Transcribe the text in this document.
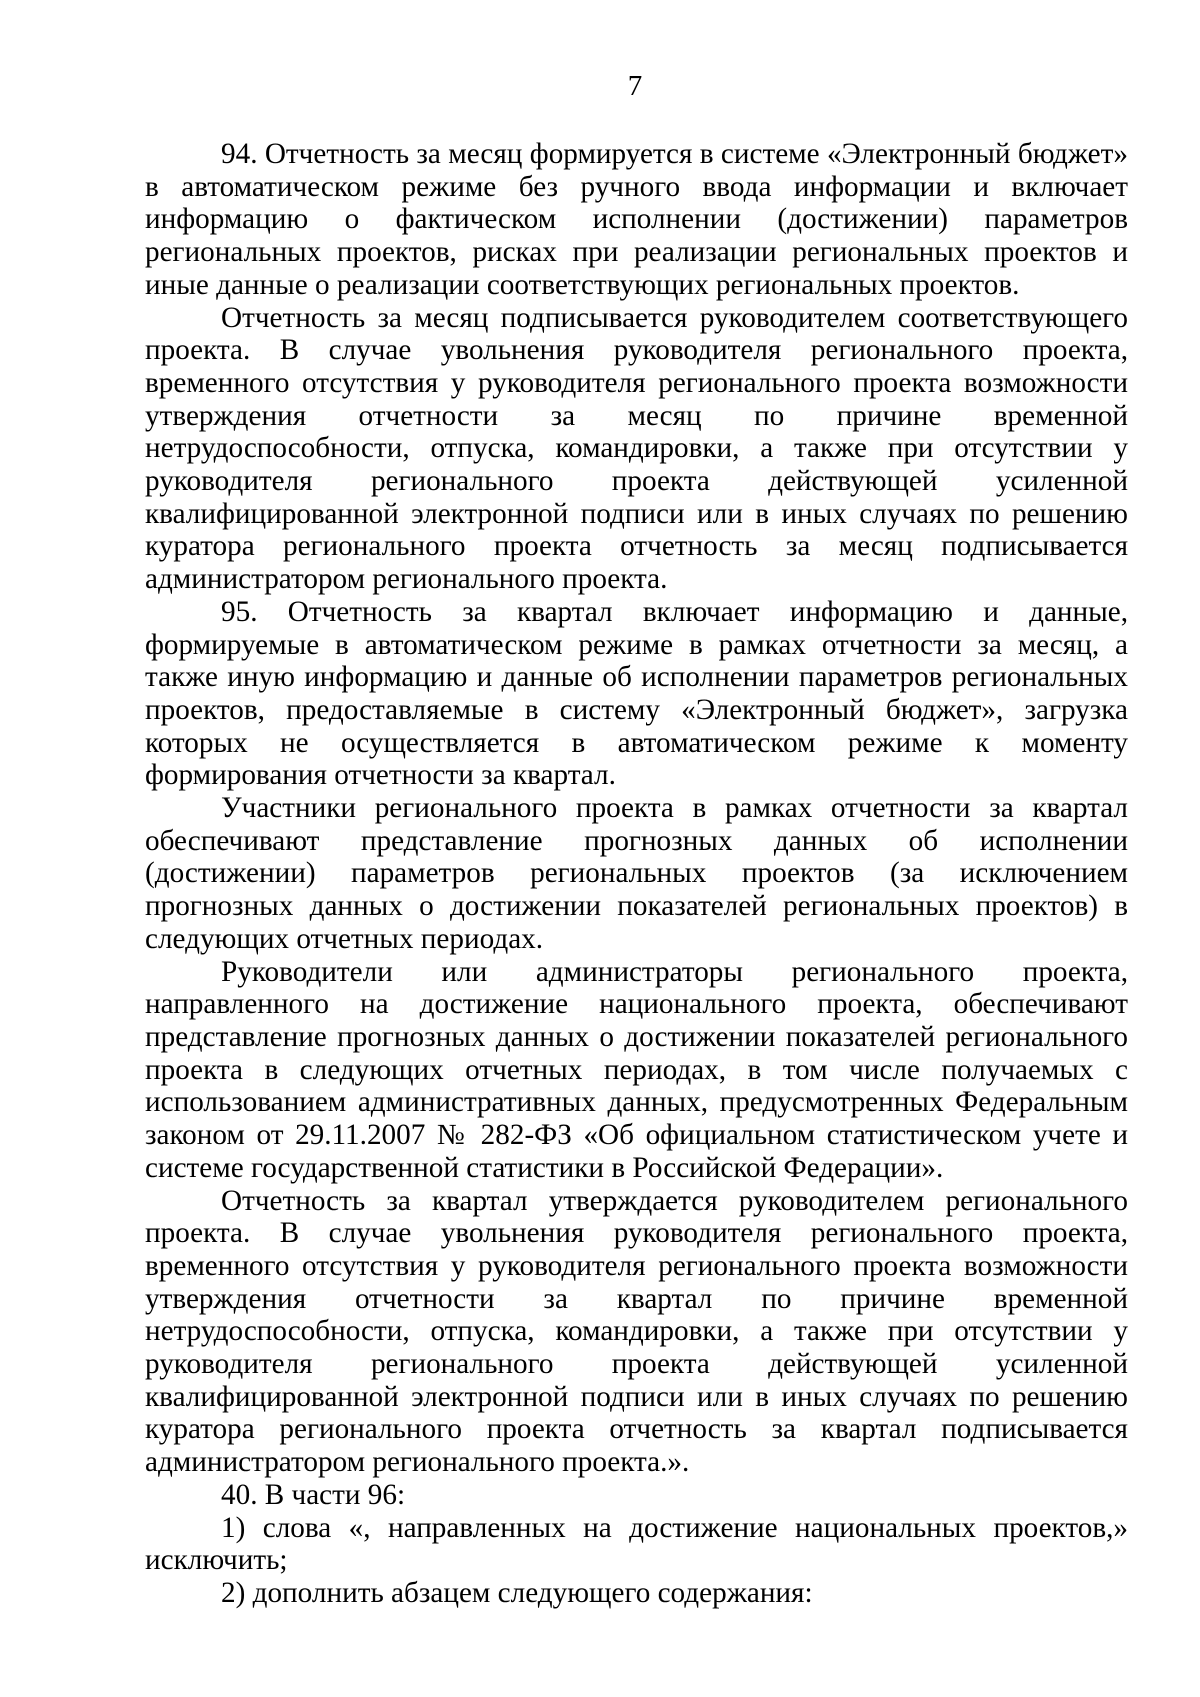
7

94. Отчетность за месяц формируется в системе «Электронный бюджет» в автоматическом режиме без ручного ввода информации и включает информацию о фактическом исполнении (достижении) параметров региональных проектов, рисках при реализации региональных проектов и иные данные о реализации соответствующих региональных проектов.

Отчетность за месяц подписывается руководителем соответствующего проекта. В случае увольнения руководителя регионального проекта, временного отсутствия у руководителя регионального проекта возможности утверждения отчетности за месяц по причине временной нетрудоспособности, отпуска, командировки, а также при отсутствии у руководителя регионального проекта действующей усиленной квалифицированной электронной подписи или в иных случаях по решению куратора регионального проекта отчетность за месяц подписывается администратором регионального проекта.

95. Отчетность за квартал включает информацию и данные, формируемые в автоматическом режиме в рамках отчетности за месяц, а также иную информацию и данные об исполнении параметров региональных проектов, предоставляемые в систему «Электронный бюджет», загрузка которых не осуществляется в автоматическом режиме к моменту формирования отчетности за квартал.

Участники регионального проекта в рамках отчетности за квартал обеспечивают представление прогнозных данных об исполнении (достижении) параметров региональных проектов (за исключением прогнозных данных о достижении показателей региональных проектов) в следующих отчетных периодах.

Руководители или администраторы регионального проекта, направленного на достижение национального проекта, обеспечивают представление прогнозных данных о достижении показателей регионального проекта в следующих отчетных периодах, в том числе получаемых с использованием административных данных, предусмотренных Федеральным законом от 29.11.2007 № 282-ФЗ «Об официальном статистическом учете и системе государственной статистики в Российской Федерации».

Отчетность за квартал утверждается руководителем регионального проекта. В случае увольнения руководителя регионального проекта, временного отсутствия у руководителя регионального проекта возможности утверждения отчетности за квартал по причине временной нетрудоспособности, отпуска, командировки, а также при отсутствии у руководителя регионального проекта действующей усиленной квалифицированной электронной подписи или в иных случаях по решению куратора регионального проекта отчетность за квартал подписывается администратором регионального проекта.».

40. В части 96:

1) слова «, направленных на достижение национальных проектов,» исключить;

2) дополнить абзацем следующего содержания:
